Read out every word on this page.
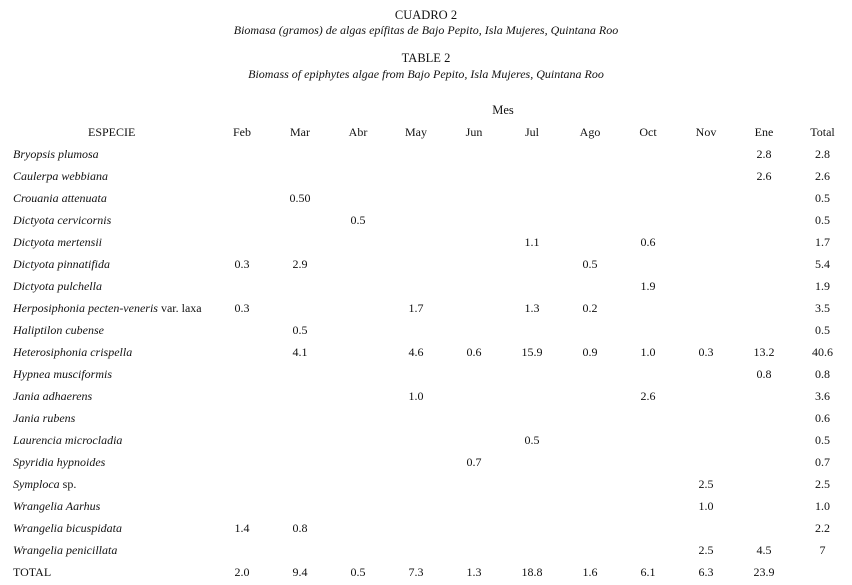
CUADRO 2
Biomasa (gramos) de algas epífitas de Bajo Pepito, Isla Mujeres, Quintana Roo
TABLE 2
Biomass of epiphytes algae from Bajo Pepito, Isla Mujeres, Quintana Roo
Mes
ESPECIE	Feb	Mar	Abr	May	Jun	Jul	Ago	Oct	Nov	Ene	Total
Bryopsis plumosa										2.8	2.8
Caulerpa webbiana										2.6	2.6
Crouania attenuata		0.50									0.5
Dictyota cervicornis			0.5								0.5
Dictyota mertensii						1.1		0.6			1.7
Dictyota pinnatifida	0.3	2.9					0.5				5.4
Dictyota pulchella								1.9			1.9
Herposiphonia pecten-veneris var. laxa	0.3			1.7		1.3	0.2				3.5
Haliptilon cubense		0.5									0.5
Heterosiphonia crispella		4.1		4.6	0.6	15.9	0.9	1.0	0.3	13.2	40.6
Hypnea musciformis										0.8	0.8
Jania adhaerens				1.0				2.6			3.6
Jania rubens											0.6
Laurencia microcladia						0.5					0.5
Spyridia hypnoides					0.7						0.7
Symploca sp.									2.5		2.5
Wrangelia Aarhus									1.0		1.0
Wrangelia bicuspidata	1.4	0.8									2.2
Wrangelia penicillata									2.5	4.5	7
TOTAL	2.0	9.4	0.5	7.3	1.3	18.8	1.6	6.1	6.3	23.9	
